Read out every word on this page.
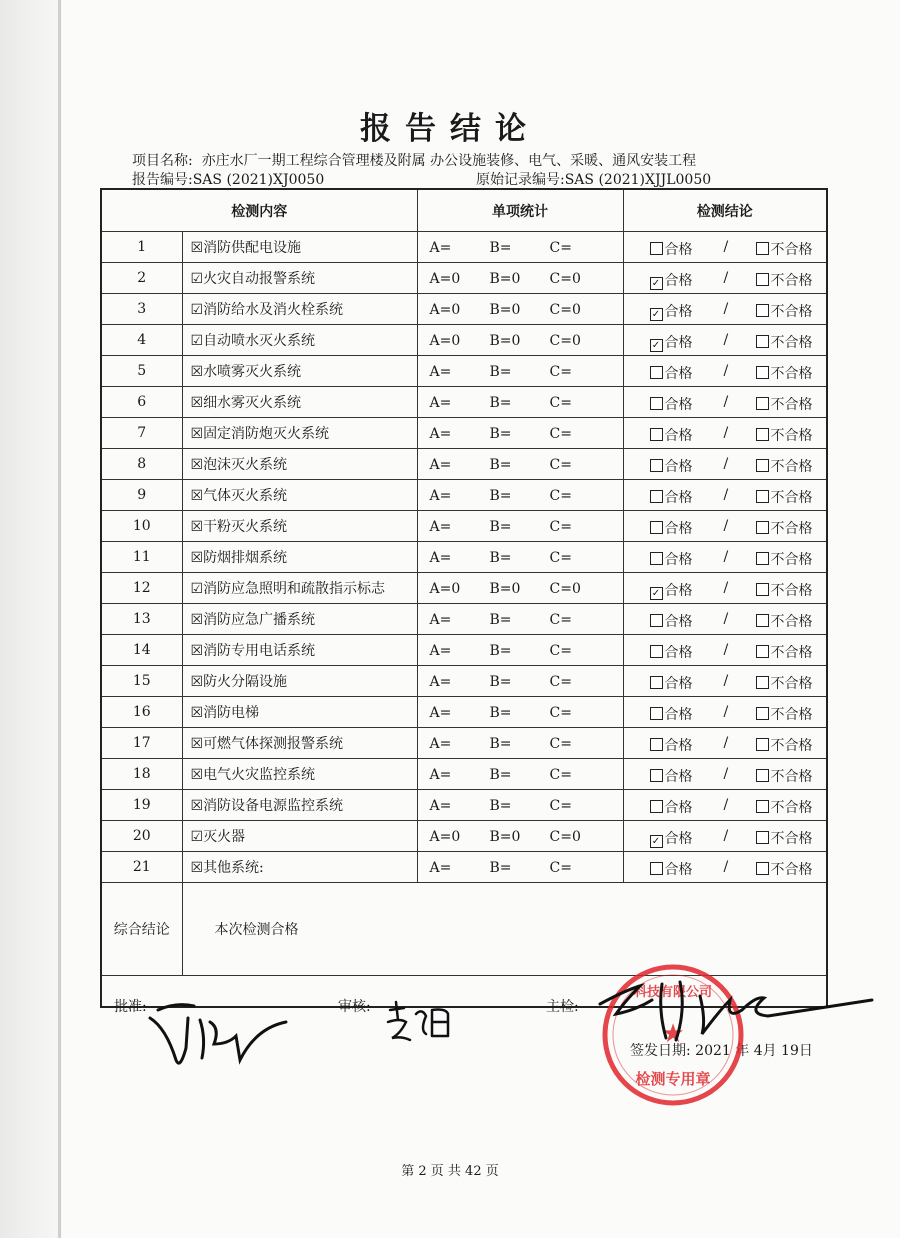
报告结论
项目名称: 亦庄水厂一期工程综合管理楼及附属 办公设施装修、电气、采暖、通风安装工程
报告编号:SAS (2021)XJ0050	原始记录编号:SAS (2021)XJJL0050
检测内容		单项统计	检测结论
1	☒消防供配电设施	A= B= C=	合格 / 不合格

2	☑火灾自动报警系统	A=0 B=0 C=0	✓ 合格 / 不合格

3	☑消防给水及消火栓系统	A=0 B=0 C=0	✓ 合格 / 不合格

4	☑自动喷水灭火系统	A=0 B=0 C=0	✓ 合格 / 不合格

5	☒水喷雾灭火系统	A= B= C=	合格 / 不合格

6	☒细水雾灭火系统	A= B= C=	合格 / 不合格

7	☒固定消防炮灭火系统	A= B= C=	合格 / 不合格

8	☒泡沫灭火系统	A= B= C=	合格 / 不合格

9	☒气体灭火系统	A= B= C=	合格 / 不合格

10	☒干粉灭火系统	A= B= C=	合格 / 不合格

11	☒防烟排烟系统	A= B= C=	合格 / 不合格

12	☑消防应急照明和疏散指示标志	A=0 B=0 C=0	✓ 合格 / 不合格

13	☒消防应急广播系统	A= B= C=	合格 / 不合格

14	☒消防专用电话系统	A= B= C=	合格 / 不合格

15	☒防火分隔设施	A= B= C=	合格 / 不合格

16	☒消防电梯	A= B= C=	合格 / 不合格

17	☒可燃气体探测报警系统	A= B= C=	合格 / 不合格

18	☒电气火灾监控系统	A= B= C=	合格 / 不合格

19	☒消防设备电源监控系统	A= B= C=	合格 / 不合格

20	☑灭火器	A=0 B=0 C=0	✓ 合格 / 不合格

21	☒其他系统:	A= B= C=	合格 / 不合格

综合结论	本次检测合格		

批准: 审核: 主检:
签发日期: 2021 年 4月 19日			
科技有限公司
★
检测专用章
第 2 页 共 42 页
